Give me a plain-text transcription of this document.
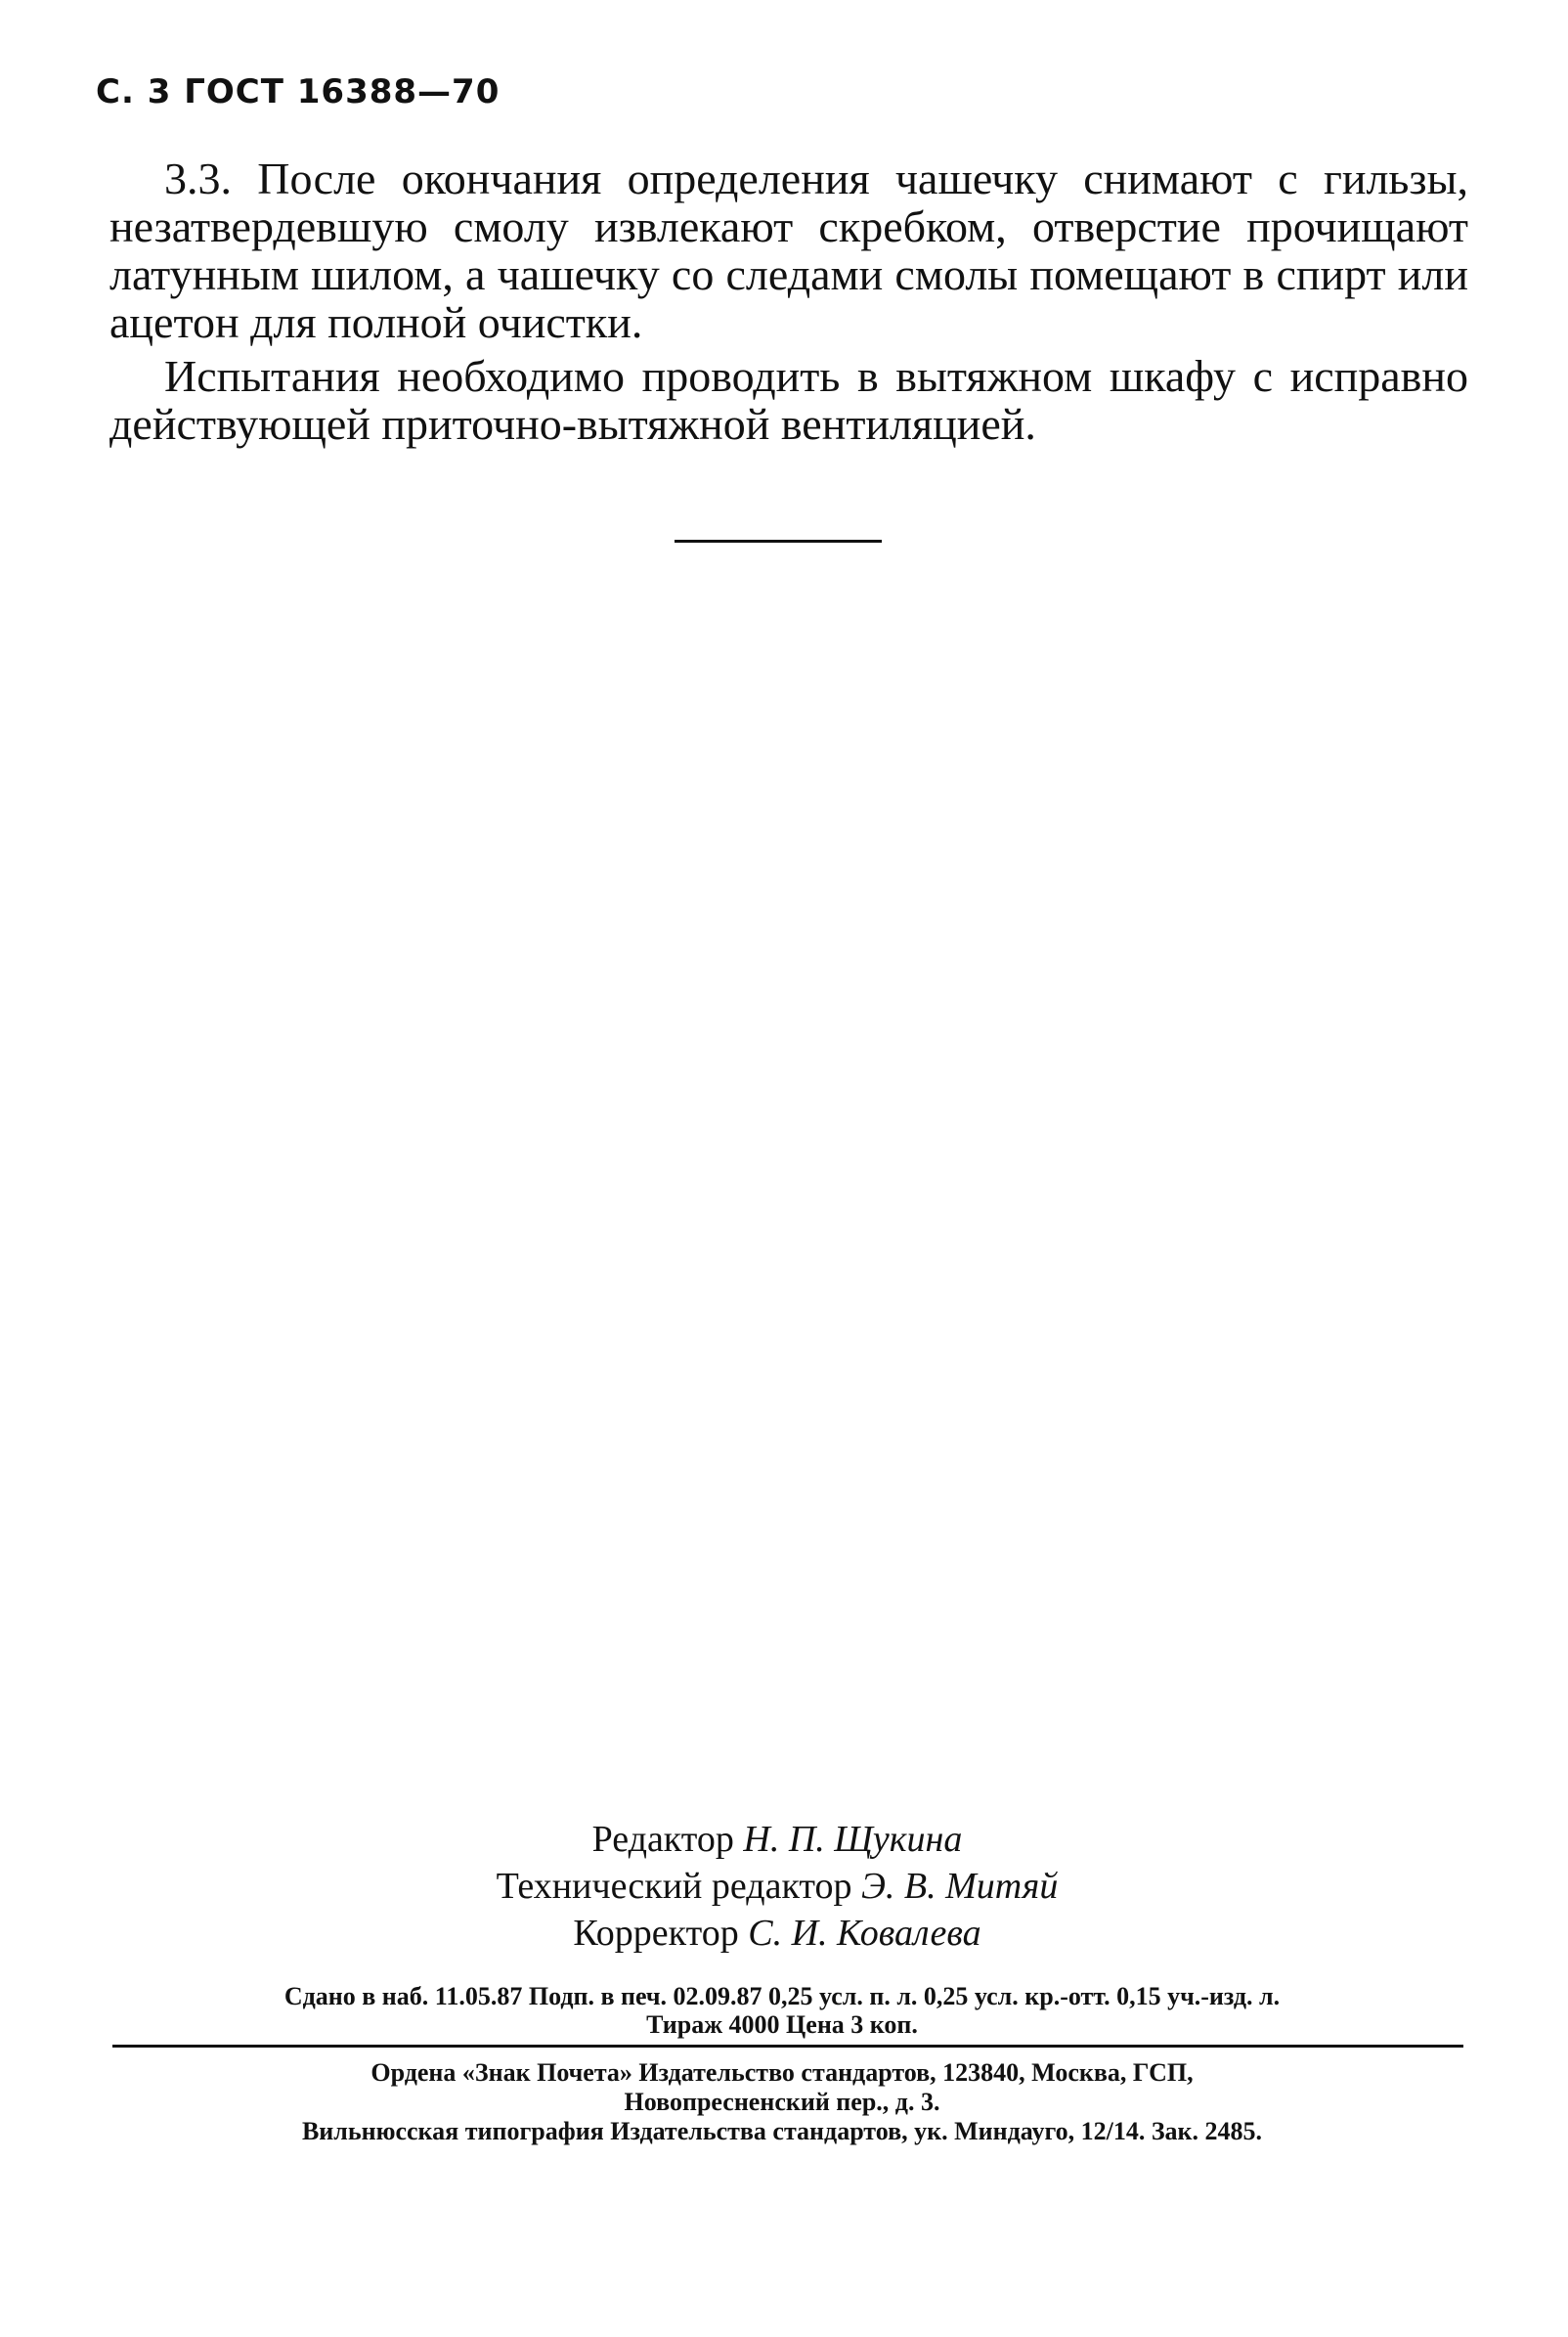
С. 3 ГОСТ 16388—70

3.3. После окончания определения чашечку снимают с гильзы, незатвердевшую смолу извлекают скребком, отверстие прочищают латунным шилом, а чашечку со следами смолы помещают в спирт или ацетон для полной очистки.

Испытания необходимо проводить в вытяжном шкафу с исправно действующей приточно-вытяжной вентиляцией.

Редактор Н. П. Щукина
Технический редактор Э. В. Митяй
Корректор С. И. Ковалева
Сдано в наб. 11.05.87 Подп. в печ. 02.09.87 0,25 усл. п. л. 0,25 усл. кр.-отт. 0,15 уч.-изд. л.
Тираж 4000 Цена 3 коп.
Ордена «Знак Почета» Издательство стандартов, 123840, Москва, ГСП,
Новопресненский пер., д. 3.
Вильнюсская типография Издательства стандартов, ук. Миндауго, 12/14. Зак. 2485.
